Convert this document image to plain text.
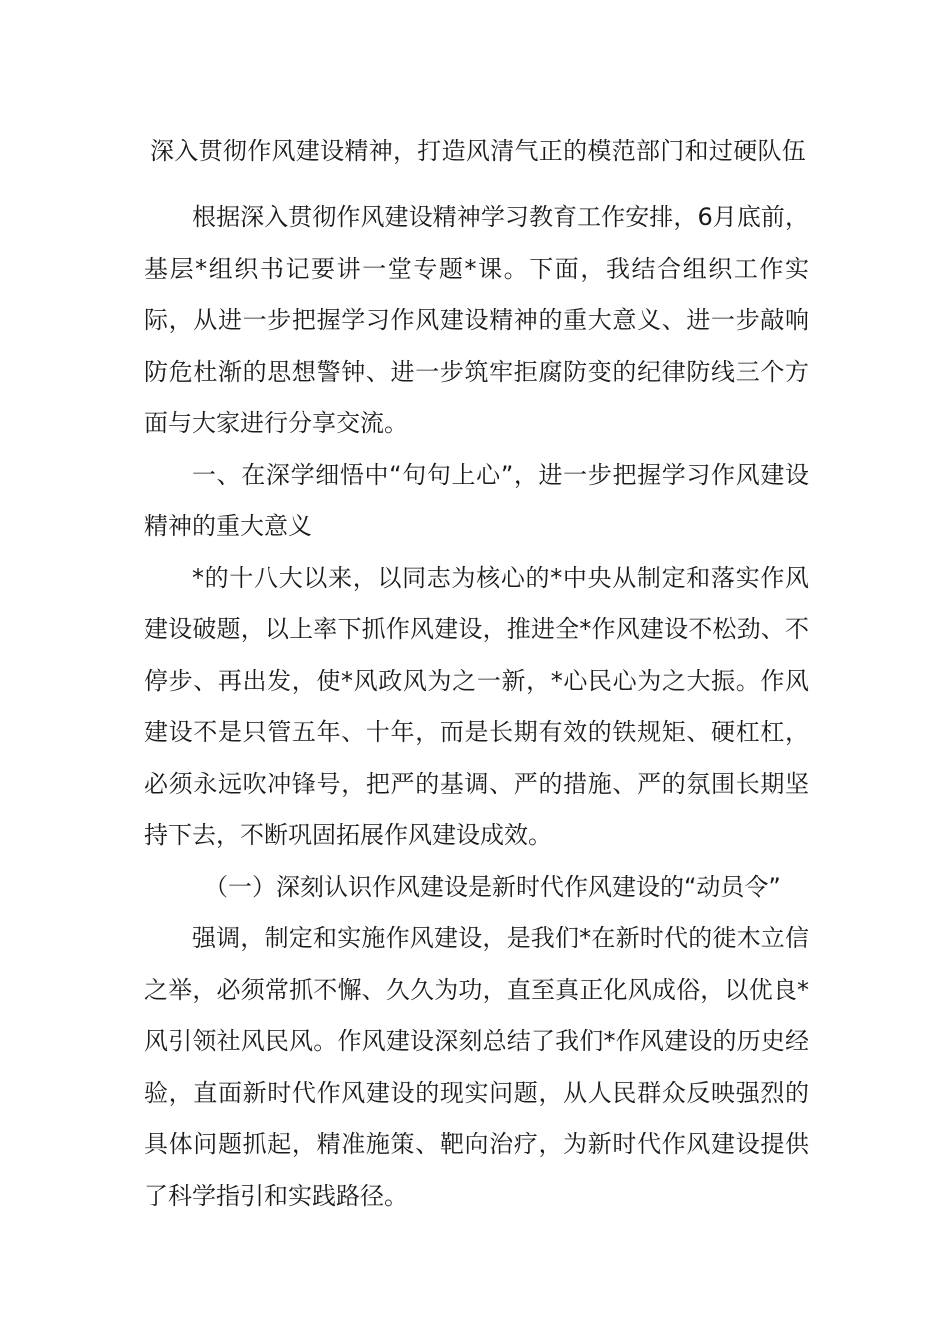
深入贯彻作风建设精神，打造风清气正的模范部门和过硬队伍

根据深入贯彻作风建设精神学习教育工作安排，6月底前，基层*组织书记要讲一堂专题*课。下面，我结合组织工作实际，从进一步把握学习作风建设精神的重大意义、进一步敲响防危杜渐的思想警钟、进一步筑牢拒腐防变的纪律防线三个方面与大家进行分享交流。

一、在深学细悟中“句句上心”，进一步把握学习作风建设精神的重大意义

*的十八大以来，以同志为核心的*中央从制定和落实作风建设破题，以上率下抓作风建设，推进全*作风建设不松劲、不停步、再出发，使*风政风为之一新，*心民心为之大振。作风建设不是只管五年、十年，而是长期有效的铁规矩、硬杠杠，必须永远吹冲锋号，把严的基调、严的措施、严的氛围长期坚持下去，不断巩固拓展作风建设成效。

（一）深刻认识作风建设是新时代作风建设的“动员令”

强调，制定和实施作风建设，是我们*在新时代的徙木立信之举，必须常抓不懈、久久为功，直至真正化风成俗，以优良*风引领社风民风。作风建设深刻总结了我们*作风建设的历史经验，直面新时代作风建设的现实问题，从人民群众反映强烈的具体问题抓起，精准施策、靶向治疗，为新时代作风建设提供了科学指引和实践路径。
